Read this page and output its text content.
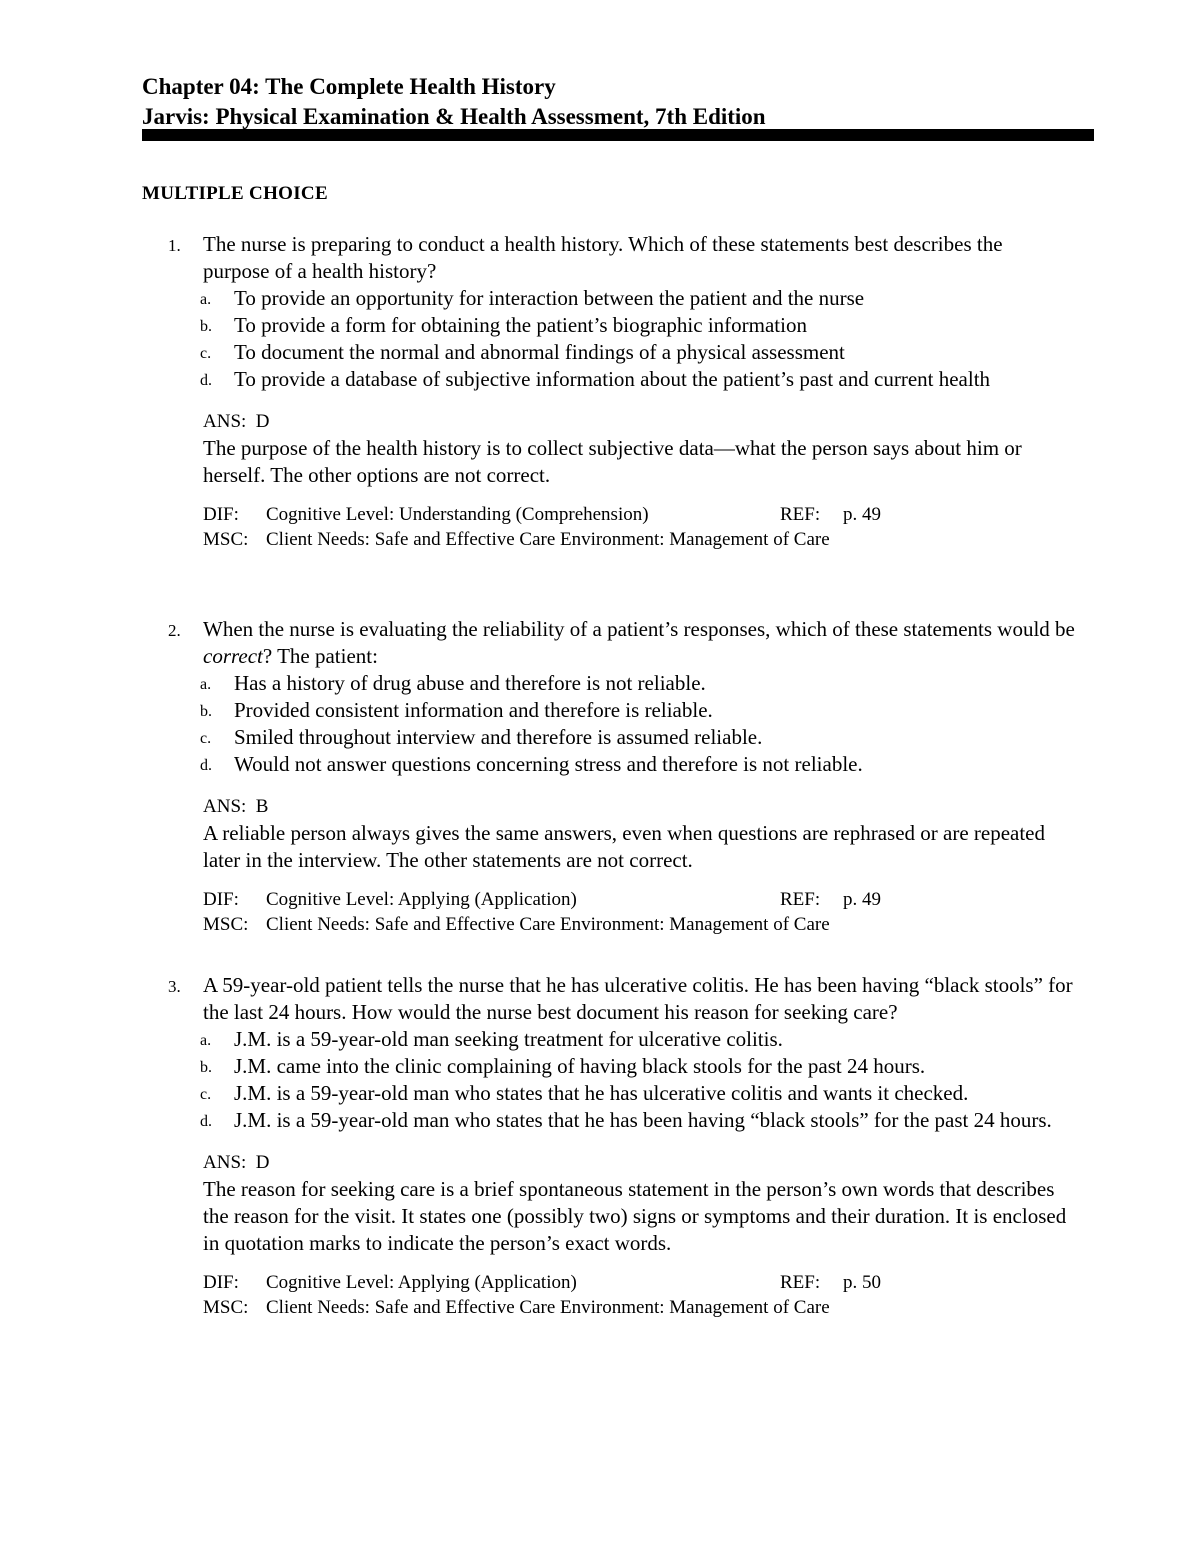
Chapter 04: The Complete Health History
Jarvis: Physical Examination & Health Assessment, 7th Edition
MULTIPLE CHOICE
1. The nurse is preparing to conduct a health history. Which of these statements best describes the purpose of a health history?
a. To provide an opportunity for interaction between the patient and the nurse
b. To provide a form for obtaining the patient’s biographic information
c. To document the normal and abnormal findings of a physical assessment
d. To provide a database of subjective information about the patient’s past and current health
ANS: D
The purpose of the health history is to collect subjective data—what the person says about him or herself. The other options are not correct.
DIF: Cognitive Level: Understanding (Comprehension)	REF: p. 49
MSC: Client Needs: Safe and Effective Care Environment: Management of Care
2. When the nurse is evaluating the reliability of a patient’s responses, which of these statements would be correct? The patient:
a. Has a history of drug abuse and therefore is not reliable.
b. Provided consistent information and therefore is reliable.
c. Smiled throughout interview and therefore is assumed reliable.
d. Would not answer questions concerning stress and therefore is not reliable.
ANS: B
A reliable person always gives the same answers, even when questions are rephrased or are repeated later in the interview. The other statements are not correct.
DIF: Cognitive Level: Applying (Application)	REF: p. 49
MSC: Client Needs: Safe and Effective Care Environment: Management of Care
3. A 59-year-old patient tells the nurse that he has ulcerative colitis. He has been having “black stools” for the last 24 hours. How would the nurse best document his reason for seeking care?
a. J.M. is a 59-year-old man seeking treatment for ulcerative colitis.
b. J.M. came into the clinic complaining of having black stools for the past 24 hours.
c. J.M. is a 59-year-old man who states that he has ulcerative colitis and wants it checked.
d. J.M. is a 59-year-old man who states that he has been having “black stools” for the past 24 hours.
ANS: D
The reason for seeking care is a brief spontaneous statement in the person’s own words that describes the reason for the visit. It states one (possibly two) signs or symptoms and their duration. It is enclosed in quotation marks to indicate the person’s exact words.
DIF: Cognitive Level: Applying (Application)	REF: p. 50
MSC: Client Needs: Safe and Effective Care Environment: Management of Care
